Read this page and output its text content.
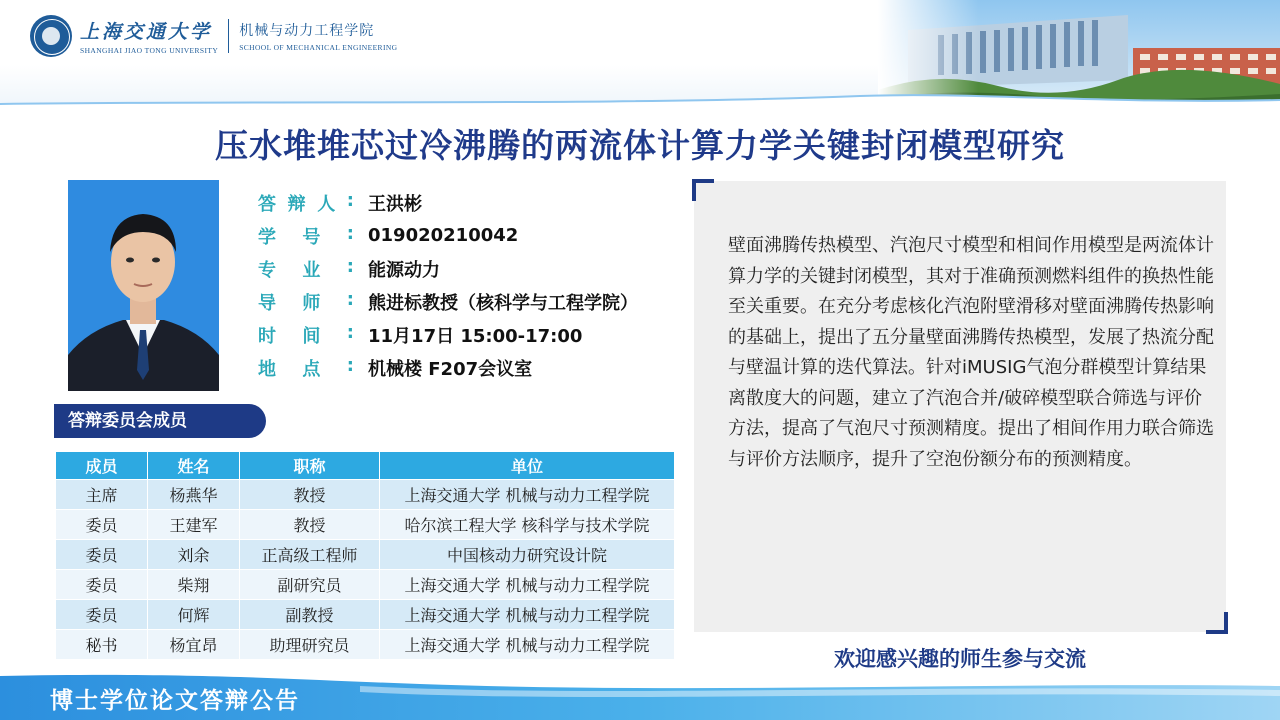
上海交通大学
SHANGHAI JIAO TONG UNIVERSITY
机械与动力工程学院
SCHOOL OF MECHANICAL ENGINEERING
压水堆堆芯过冷沸腾的两流体计算力学关键封闭模型研究
答 辩 人 : 王洪彬
学 号 : 019020210042
专 业 : 能源动力
导 师 : 熊进标教授（核科学与工程学院）
时 间 : 11月17日 15:00-17:00
地 点 : 机械楼 F207会议室
答辩委员会成员
成员	姓名	职称	单位
主席	杨燕华	教授	上海交通大学 机械与动力工程学院
委员	王建军	教授	哈尔滨工程大学 核科学与技术学院
委员	刘余	正高级工程师	中国核动力研究设计院
委员	柴翔	副研究员	上海交通大学 机械与动力工程学院
委员	何辉	副教授	上海交通大学 机械与动力工程学院
秘书	杨宜昂	助理研究员	上海交通大学 机械与动力工程学院
壁面沸腾传热模型、汽泡尺寸模型和相间作用模型是两流体计算力学的关键封闭模型，其对于准确预测燃料组件的换热性能至关重要。在充分考虑核化汽泡附壁滑移对壁面沸腾传热影响的基础上，提出了五分量壁面沸腾传热模型，发展了热流分配与壁温计算的迭代算法。针对iMUSIG气泡分群模型计算结果离散度大的问题，建立了汽泡合并/破碎模型联合筛选与评价方法，提高了气泡尺寸预测精度。提出了相间作用力联合筛选与评价方法顺序，提升了空泡份额分布的预测精度。
欢迎感兴趣的师生参与交流
博士学位论文答辩公告
